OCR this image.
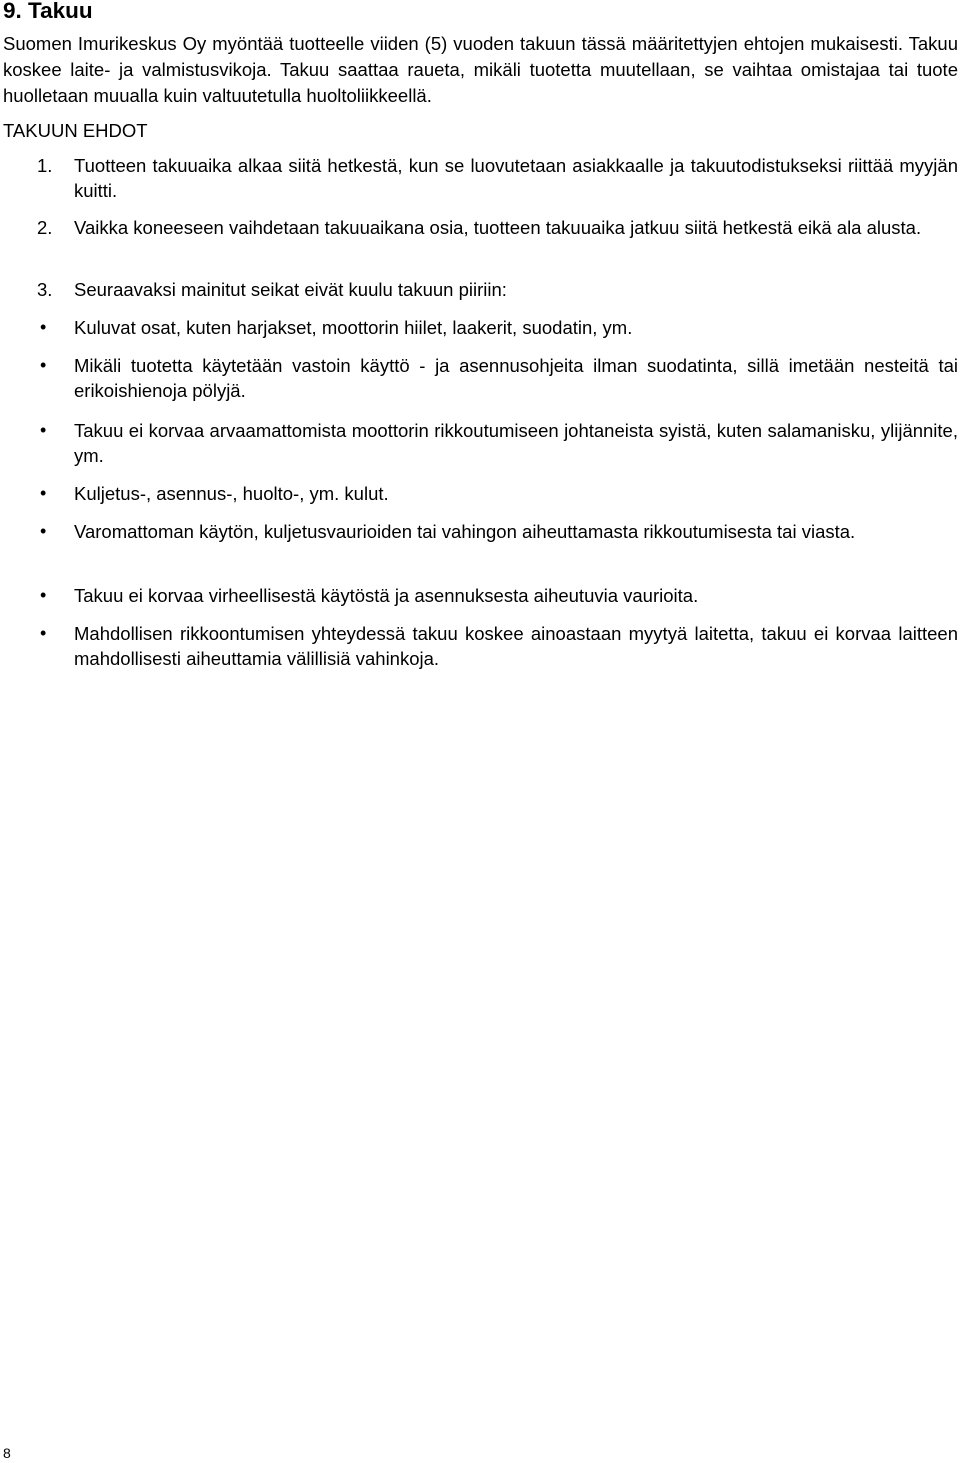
9. Takuu

Suomen Imurikeskus Oy myöntää tuotteelle viiden (5) vuoden takuun tässä määritettyjen ehtojen mukaisesti. Takuu koskee laite- ja valmistusvikoja. Takuu saattaa raueta, mikäli tuotetta muutellaan, se vaihtaa omistajaa tai tuote huolletaan muualla kuin valtuutetulla huoltoliikkeellä.

TAKUUN EHDOT
1.	Tuotteen takuuaika alkaa siitä hetkestä, kun se luovutetaan asiakkaalle ja takuutodistukseksi riittää myyjän kuitti.
2.	Vaikka koneeseen vaihdetaan takuuaikana osia, tuotteen takuuaika jatkuu siitä hetkestä eikä ala alusta.
3.	Seuraavaksi mainitut seikat eivät kuulu takuun piiriin:
• Kuluvat osat, kuten harjakset, moottorin hiilet, laakerit, suodatin, ym.
• Mikäli tuotetta käytetään vastoin käyttö - ja asennusohjeita ilman suodatinta, sillä imetään nesteitä tai erikoishienoja pölyjä.
• Takuu ei korvaa arvaamattomista moottorin rikkoutumiseen johtaneista syistä, kuten salamanisku, ylijännite, ym.
• Kuljetus-, asennus-, huolto-, ym. kulut.
• Varomattoman käytön, kuljetusvaurioiden tai vahingon aiheuttamasta rikkoutumisesta tai viasta.
• Takuu ei korvaa virheellisestä käytöstä ja asennuksesta aiheutuvia vaurioita.
• Mahdollisen rikkoontumisen yhteydessä takuu koskee ainoastaan myytyä laitetta, takuu ei korvaa laitteen mahdollisesti aiheuttamia välillisiä vahinkoja.
8
